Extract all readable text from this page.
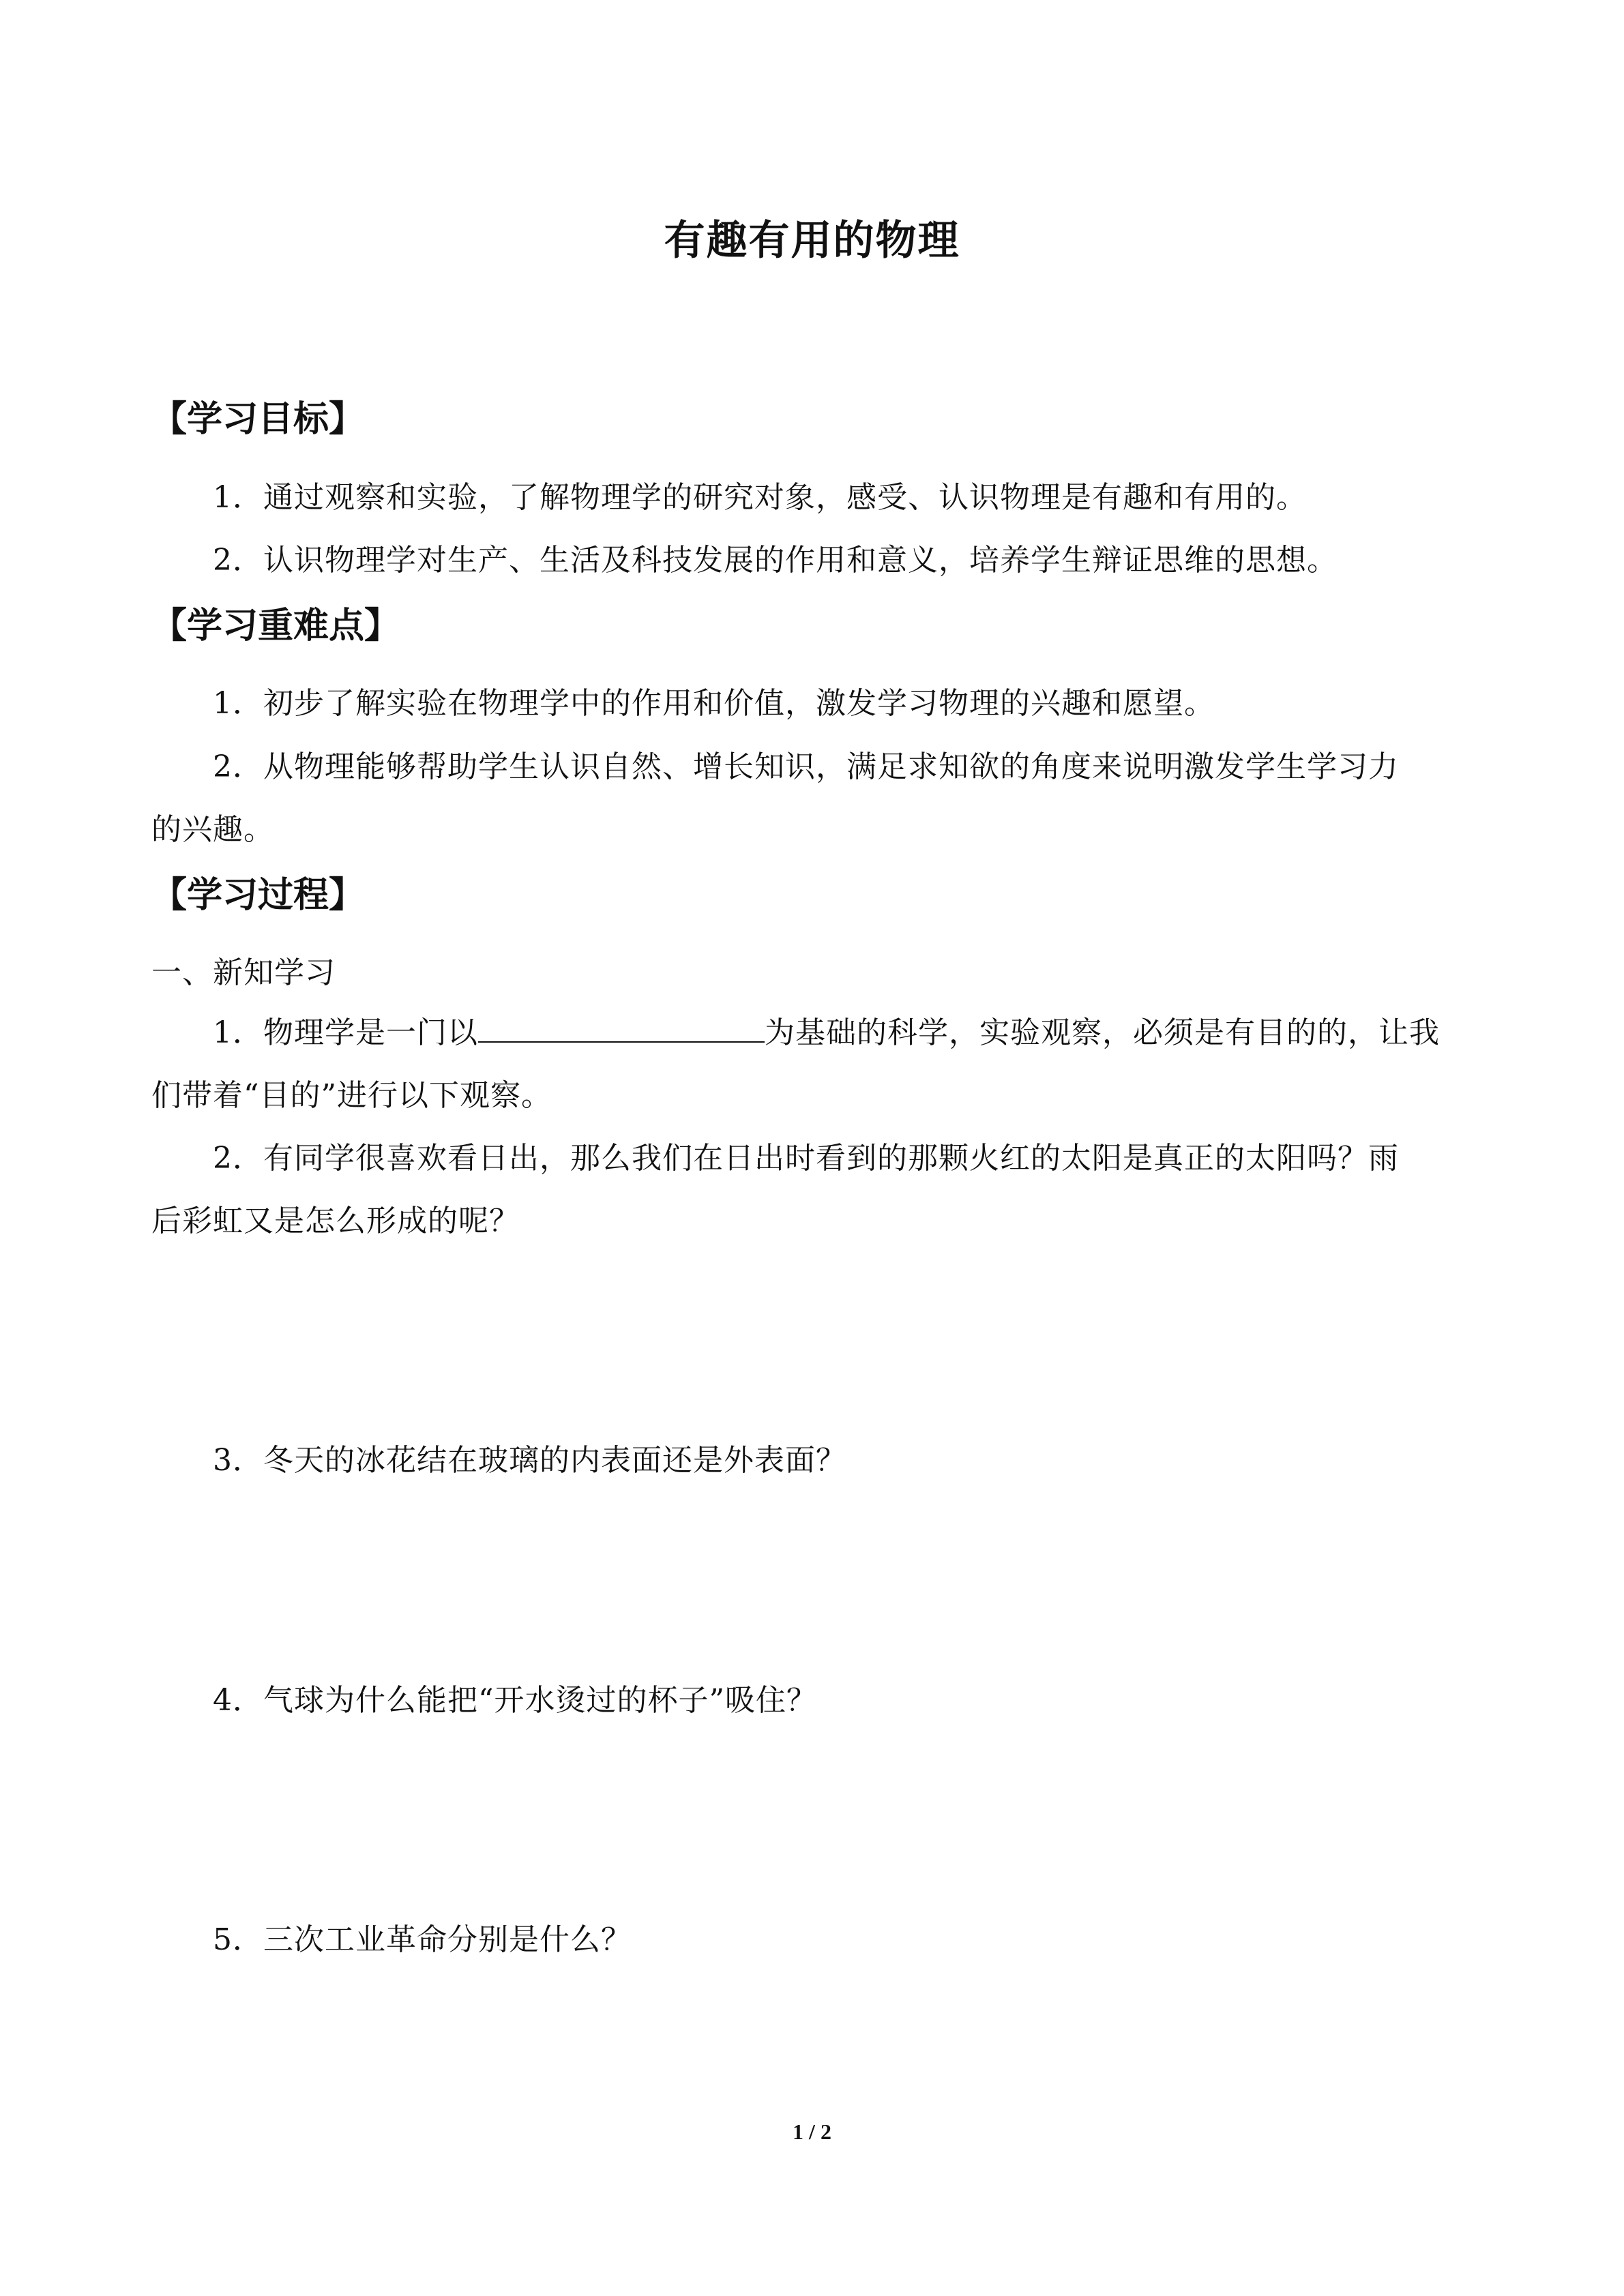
有趣有用的物理
【学习目标】
1．通过观察和实验，了解物理学的研究对象，感受、认识物理是有趣和有用的。
2．认识物理学对生产、生活及科技发展的作用和意义，培养学生辩证思维的思想。
【学习重难点】
1．初步了解实验在物理学中的作用和价值，激发学习物理的兴趣和愿望。
2．从物理能够帮助学生认识自然、增长知识，满足求知欲的角度来说明激发学生学习力
的兴趣。
【学习过程】
一、新知学习
1．物理学是一门以	为基础的科学，实验观察，必须是有目的的，让我
们带着“目的”进行以下观察。
2．有同学很喜欢看日出，那么我们在日出时看到的那颗火红的太阳是真正的太阳吗？雨
后彩虹又是怎么形成的呢？
3．冬天的冰花结在玻璃的内表面还是外表面？
4．气球为什么能把“开水烫过的杯子”吸住？
5．三次工业革命分别是什么？
1 / 2
